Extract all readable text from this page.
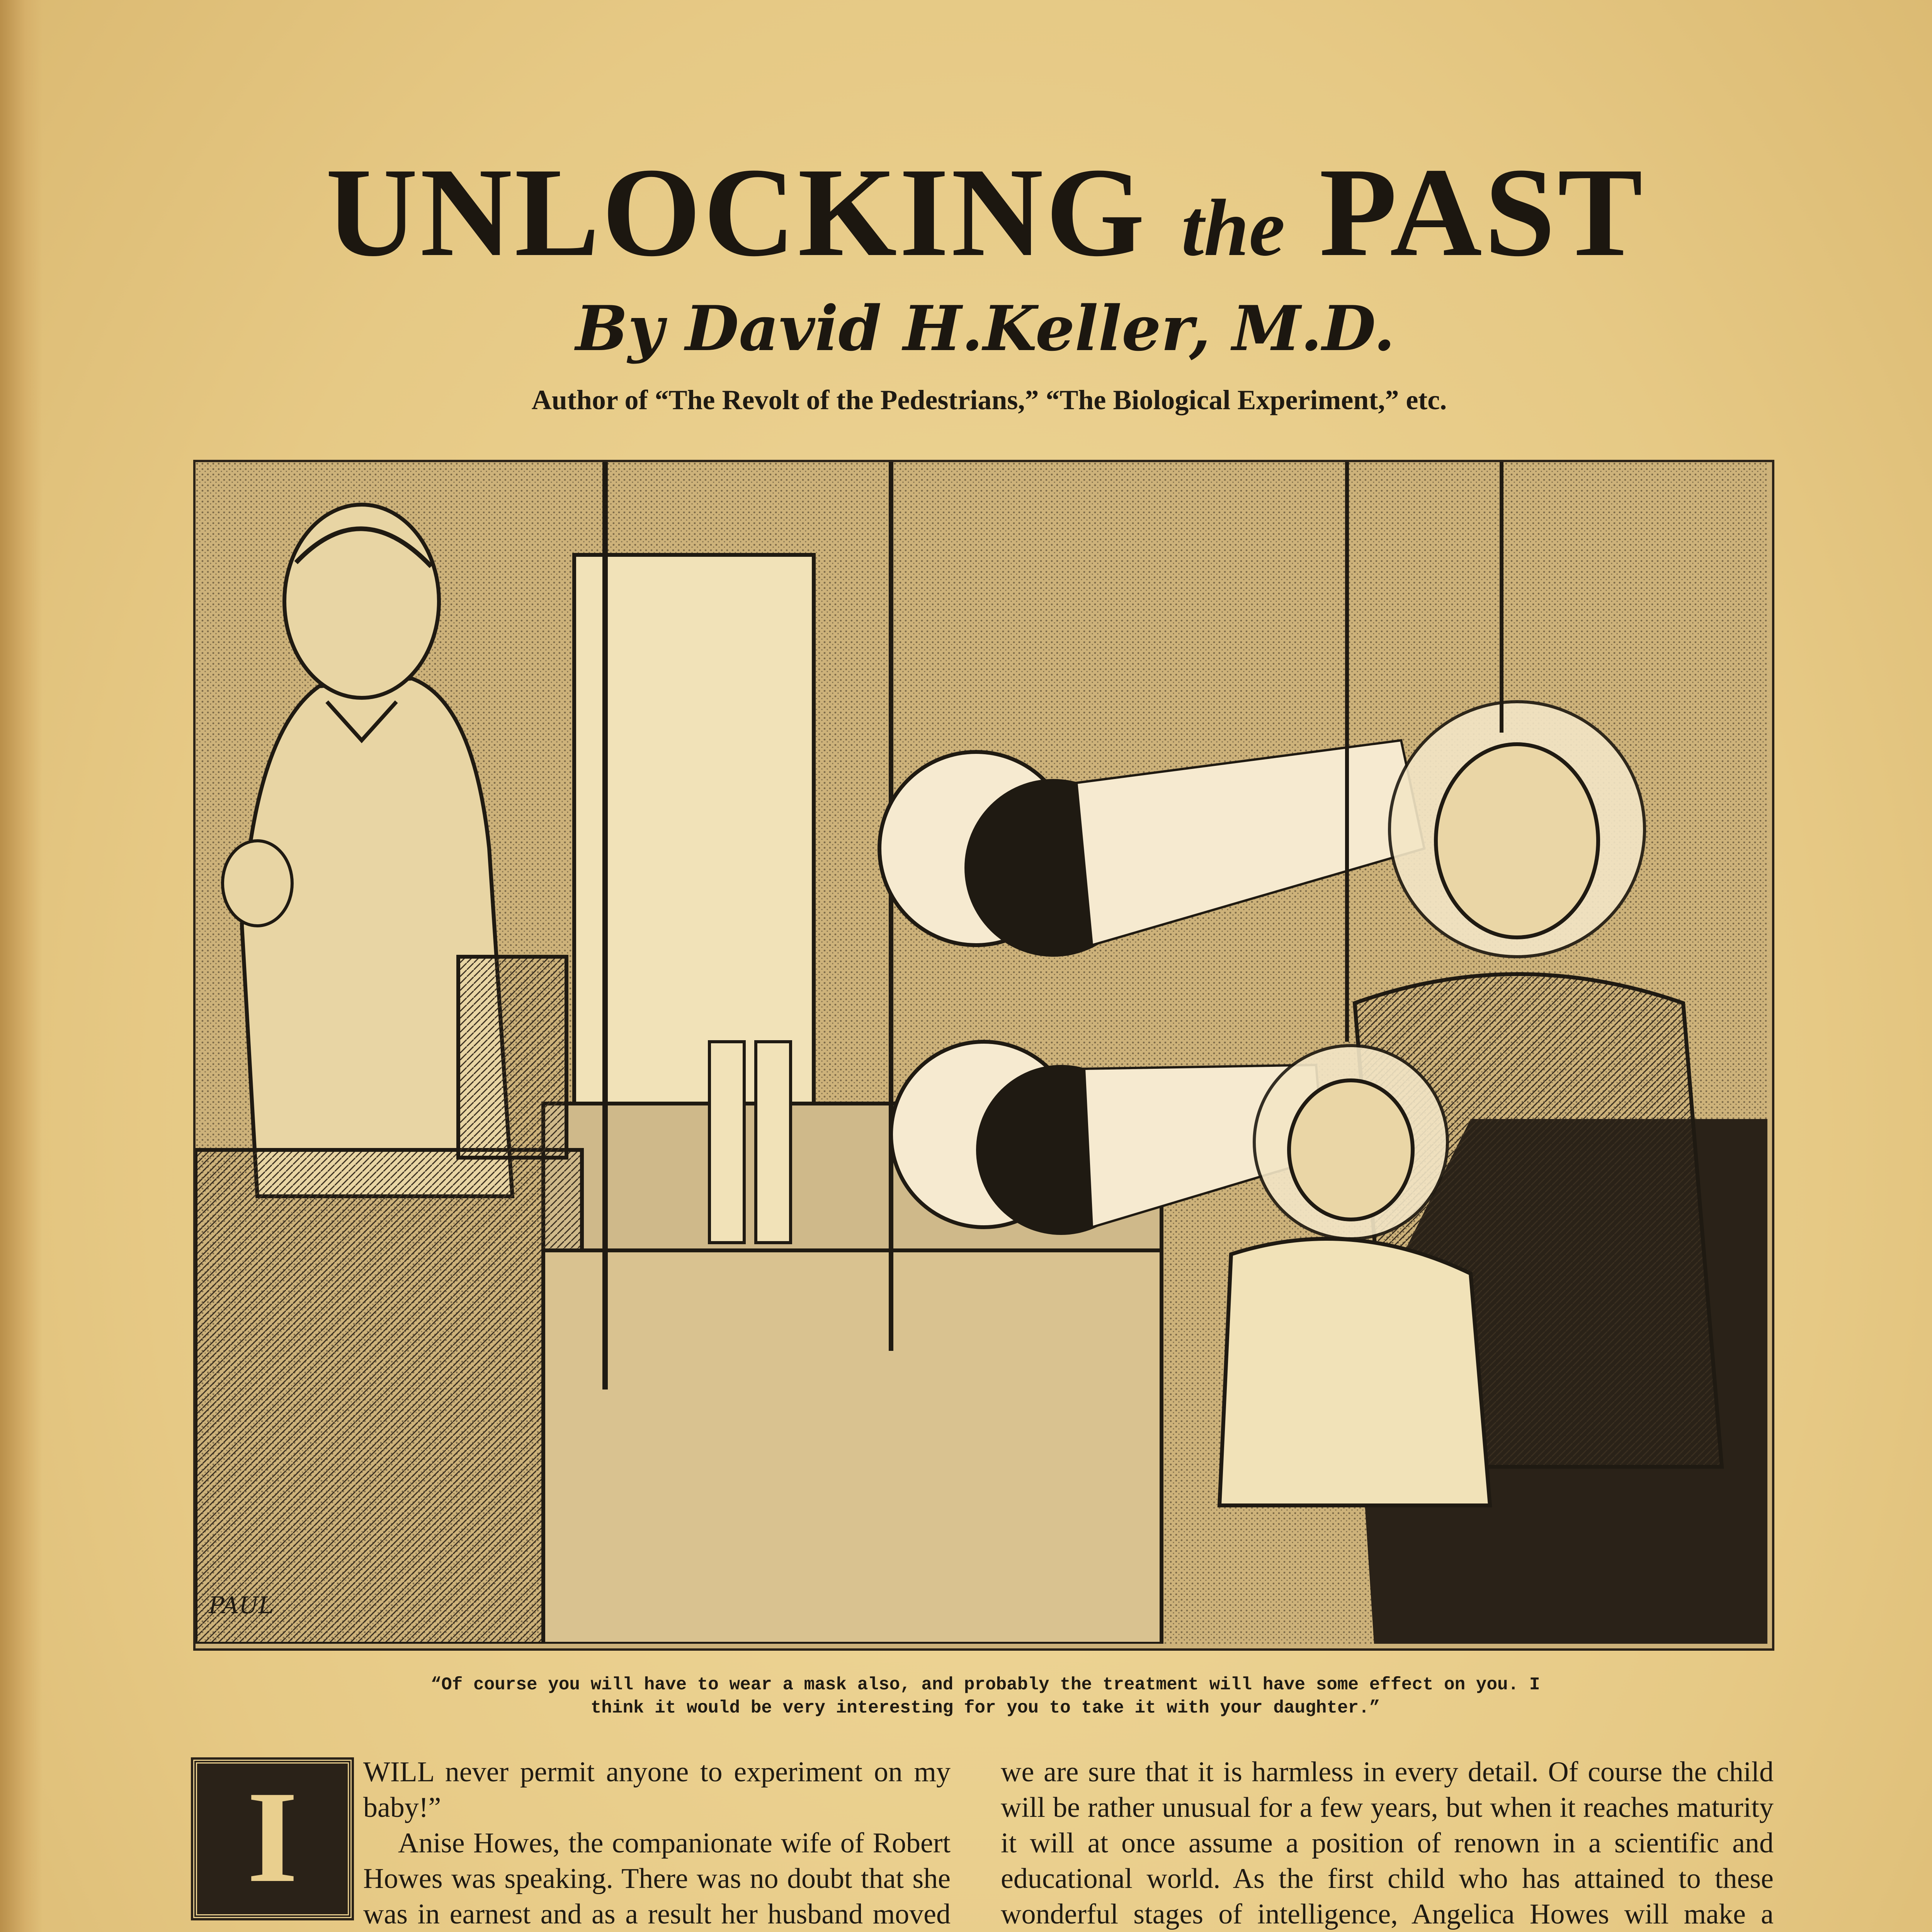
UNLOCKING the PAST
By David H.Keller, M.D.
Author of “The Revolt of the Pedestrians,” “The Biological Experiment,” etc.
PAUL
“Of course you will have to wear a mask also, and probably the treatment will have some effect on you. I think it would be very interesting for you to take it with your daughter.”
I	WILL never permit anyone to experiment on my baby!”

Anise Howes, the companionate wife of Robert Howes was speaking. There was no doubt that she was in earnest and as a result her husband moved

we are sure that it is harmless in every detail. Of course the child will be rather unusual for a few years, but when it reaches maturity it will at once assume a position of renown in a scientific and educational world. As the first child who has attained to these wonderful stages of intelligence, Angelica Howes will make a
